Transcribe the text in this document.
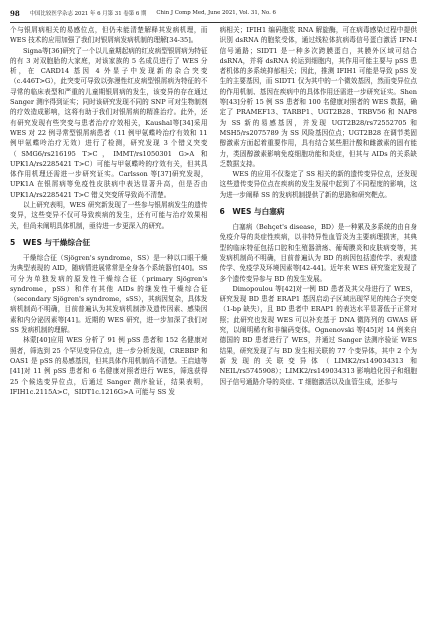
98 中国比较医学杂志 2021 年 6 月第 31 卷第 6 期 Chin J Comp Med, June 2021, Vol. 31, No. 6

个与银屑病相关的易感位点，但仍未能清楚解释其发病机理，而 WES 技术的应用加强了我们对银屑病发病机制的理解[34-35]。

Signa等[36]研究了一个以儿童期起病的红皮病型银屑病为特征的有 3 对双胞胎的大家庭，对该家族的 5 名成员进行了 WES 分析，在 CARD14 基因 4 外显子中发现新的杂合突变（c.446T>G），此突变可导致以弥漫性红皮病型银屑病为特征的不寻常的临床表型和严重的儿童期银屑病的发生，该变异的存在通过 Sanger 测序得到证实；同时该研究发现不同的 SNP 可对生物制剂的疗效造成影响，这将有助于我们对银屑病的精准治疗。此外，还有研究发现有些突变与患者治疗疗效相关，Kaushal等[34]采用 WES 对 22 例寻常型银屑病患者（11 例甲氨蝶呤治疗有效和 11 例甲氨蝶呤治疗无效）进行了检测，研究发现 3 个错义突变（SMG6/rs216195 T>C，IMMT/rs1050301 G>A 和 UPK1A/rs2285421 T>C）可能与甲氨蝶呤的疗效有关，但其具体作用机理还需进一步研究证实。Carlsson 等[37]研究发现，UPK1A 在银屑病等免疫性皮肤病中表达显著升高，但是否由 UPK1A/rs2285421 T>C 错义突变所导致尚不清楚。

以上研究表明，WES 研究新发现了一些参与银屑病发生的遗传变异，这些变异不仅可导致疾病的发生，还有可能与治疗效果相关，但尚未阐明具体机制，亟待进一步更深入的研究。

5　WES 与干燥综合征

干燥综合征（Sjögren's syndrome，SS）是一种以口眼干燥为典型表现的 AID，随病情进展常常是全身各个系统器官[40]。SS 可分为单独发病的原发性干燥综合征（primary Sjögren's syndrome，pSS）和伴有其他 AIDs 的继发性干燥综合征（secondary Sjögren's syndrome，sSS），其病因复杂，具体发病机制尚不明确，目前普遍认为其发病机制涉及遗传因素、感染因素和内分泌因素等[41]。近期的 WES 研究，进一步加深了我们对 SS 发病机制的理解。

林蒙[40]应用 WES 分析了 91 例 pSS 患者和 152 名健康对照者，筛选到 25 个罕见变异位点，进一步分析发现，CREBBP 和 OAS1 是 pSS 的易感基因，但其具体作用机制尚不清楚。王启迪等[41]对 11 例 pSS 患者和 6 名健康对照者进行 WES，筛选获得 25 个候选变异位点，后通过 Sanger 测序验证，结果表明，IFIH1c.2115A>C，SIDT1c.1216G>A 可能与 SS 发

病相关；IFIH1 编码胞浆 RNA 解旋酶，可在病毒感染过程中提供识别 dsRNA 的胞浆受体，通过线粒体抗病毒信号蛋白激活 IFN-I 信号通路；SIDT1 是一种多次跨膜蛋白，其膜外区域可结合 dsRNA，并将 dsRNA 转运到细胞内，其作用可能主要与 pSS 患者机体的多系统抑郁相关；因此，推测 IFIH1 可能是导致 pSS 发生的主要基因，而 SIDT1 仅为其中的一个微效基因，然而变异位点的作用机制、基因在疾病中的具体作用还需进一步研究证实。Shen 等[43]分析 15 例 SS 患者和 100 名健康对照者的 WES 数据，确定了 PRAMEF13、TARBP1、UGT2B28、TRBV56 和 NAP8 为 SS 新的易感基因，并发现 UGT2B28/rs72552705 和 MSH5/rs2075789 为 SS 风险基因位点；UGT2B28 在调节类固醇激素方面起着重要作用，具有结合某些胆汁酸和雌激素的固有能力，类固醇激素影响免疫细胞功能和炎症，但其与 AIDs 的关系缺乏数据支持。

WES 的应用不仅鉴定了 SS 相关的新的遗传变异位点，还发现这些遗传变异位点在疾病的发生发展中起到了不同程度的影响，这为进一步阐释 SS 的发病机制提供了新的思路和研究靶点。

6　WES 与白塞病

白塞病（Behçet's disease，BD）是一种累及多系统的由自身免疫介导的炎症性疾病，以非特异性血管炎为主要病理损害，其典型的临床特征包括口腔和生殖器溃疡、葡萄膜炎和皮肤病变等，其发病机制尚不明确，目前普遍认为 BD 的病因包括遗传学、表观遗传学、免疫学及环境因素等[42-44]。近年来 WES 研究鉴定发现了多个遗传变异参与 BD 的发生发展。

Dimopoulou 等[42]对一例 BD 患者及其父母进行了 WES，研究发现 BD 患者 ERAP1 基因启动子区域出现罕见的纯合子突变（1-bp 缺失），且 BD 患者中 ERAP1 的表达水平显著低于正常对照；此研究也发现 WES 可以补充基于 DNA 微阵列的 GWAS 研究，以阐明稀有和非编码变体。Ognenovski 等[45]对 14 例来自德国的 BD 患者进行了 WES，并通过 Sanger 法测序验证 WES 结果，研究发现了与 BD 发生相关联的 77 个变异体，其中 2 个为新发现的关联变异体（LIMK2/rs149034313 和 NEIL/rs5745908）；LIMK2/rs149034313 影响趋化因子和细胞因子信号通路介导的炎症、T 细胞激活以及血管生成，还参与
